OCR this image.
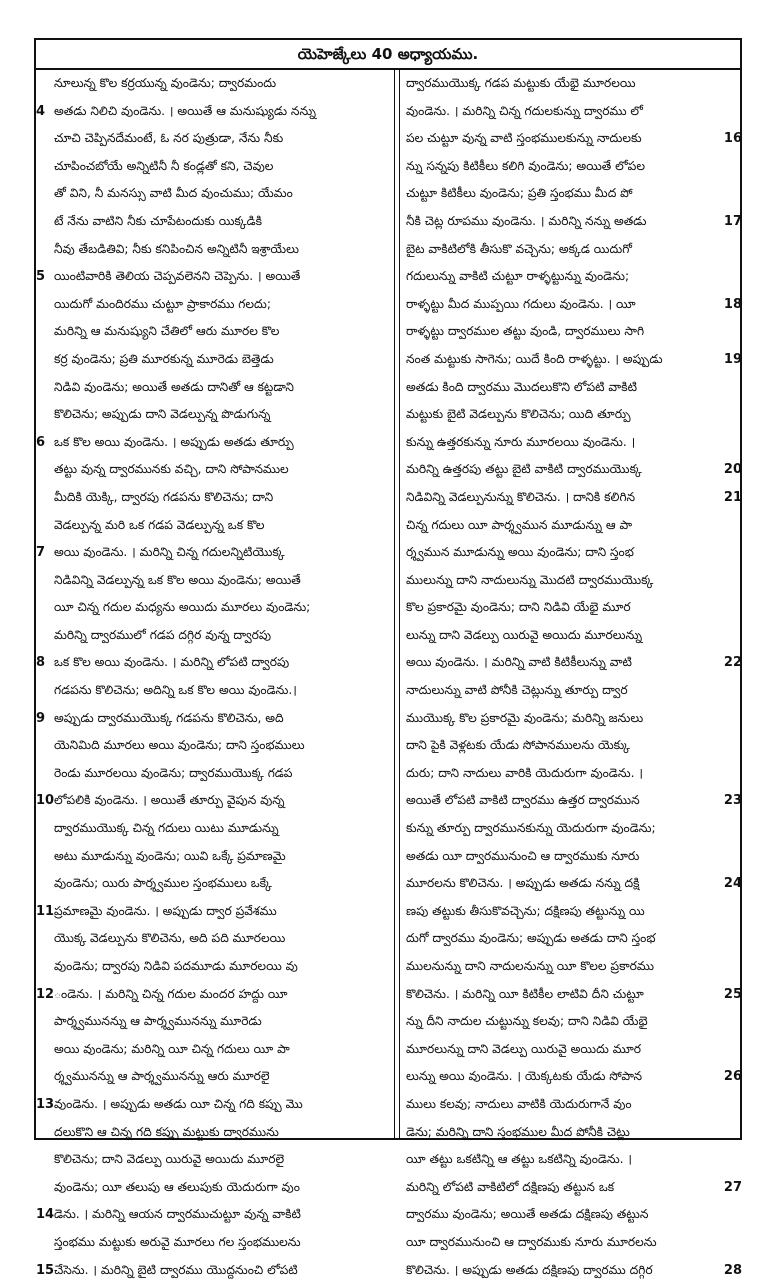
యెహెజ్కేలు 40 అధ్యాయము.
నూలున్న కొల కర్రయున్న వుండెను; ద్వారమందు
4 అతడు నిలిచి వుండెను. । అయితే ఆ మనుష్యుడు నన్ను
చూచి చెప్పినదేమంటే, ఓ నర పుత్రుడా, నేను నీకు
చూపించబోయే అన్నిటినీ నీ కండ్లతో కని, చెవుల
తో విని, నీ మనస్సు వాటి మీద వుంచుము; యేమం
టే నేను వాటిని నీకు చూపేటందుకు యిక్కడికి
నీవు తేబడితివి; నీకు కనిపించిన అన్నిటినీ ఇశ్రాయేలు
5 యింటివారికి తెలియ చెప్పవలెనని చెప్పెను. । అయితే
యిదుగో మందిరము చుట్టూ ప్రాకారము గలదు;
మరిన్ని ఆ మనుష్యుని చేతిలో ఆరు మూరల కొల
కర్ర వుండెను; ప్రతి మూరకున్న మూరెడు బెత్తెడు
నిడివి వుండెను; అయితే అతడు దానితో ఆ కట్టడాని
కొలిచెను; అప్పుడు దాని వెడల్పున్న పొడుగున్న
6 ఒక కొల అయి వుండెను. । అప్పుడు అతడు తూర్పు
తట్టు వున్న ద్వారమునకు వచ్చి, దాని సోపానముల
మీదికి యెక్కి, ద్వారపు గడపను కొలిచెను; దాని
వెడల్పున్న మరి ఒక గడప వెడల్పున్న ఒక కొల
7 అయి వుండెను. । మరిన్ని చిన్న గదులన్నిటియొక్క
నిడివిన్ని వెడల్పున్న ఒక కొల అయి వుండెను; అయితే
యీ చిన్న గదుల మధ్యను అయిదు మూరలు వుండెను;
మరిన్ని ద్వారములో గడప దగ్గిర వున్న ద్వారపు
8 ఒక కొల అయి వుండెను. । మరిన్ని లోపటి ద్వారపు
గడపను కొలిచెను; అదిన్ని ఒక కొల అయి వుండెను.।
9 అప్పుడు ద్వారముయొక్క గడపను కొలిచెను, అది
యెనిమిది మూరలు అయి వుండెను; దాని స్తంభములు
రెండు మూరలయి వుండెను; ద్వారముయొక్క గడప
10 లోపలికి వుండెను. । అయితే తూర్పు వైపున వున్న
ద్వారముయొక్క చిన్న గదులు యిటు మూడున్ను
అటు మూడున్ను వుండెను; యివి ఒక్కే ప్రమాణమై
వుండెను; యిరు పార్శ్వముల స్తంభములు ఒక్కే
11 ప్రమాణమై వుండెను. । అప్పుడు ద్వార ప్రవేశము
యొక్క వెడల్పును కొలిచెను, అది పది మూరలయి
వుండెను; ద్వారపు నిడివి పదమూడు మూరలయి వు
12 ండెను. । మరిన్ని చిన్న గదుల మందర హద్దు యీ
పార్శ్వమునన్ను ఆ పార్శ్వమునన్ను మూరెడు
అయి వుండెను; మరిన్ని యీ చిన్న గదులు యీ పా
ర్శ్వమునన్ను ఆ పార్శ్వమునన్ను ఆరు మూరలై
13 వుండెను. । అప్పుడు అతడు యీ చిన్న గది కప్పు మొ
దలుకొని ఆ చిన్న గది కప్పు మట్టుకు ద్వారమును
కొలిచెను; దాని వెడల్పు యిరువై అయిదు మూరలై
వుండెను; యీ తలుపు ఆ తలుపుకు యెదురుగా వుం
14 డెను. । మరిన్ని ఆయన ద్వారముచుట్టూ వున్న వాకిటి
స్తంభము మట్టుకు అరువై మూరలు గల స్తంభములను
15 చేసెను. । మరిన్ని బైటి ద్వారము యొద్దనుంచి లోపటి
ద్వారముయొక్క గడప మట్టుకు యేభై మూరలయి
వుండెను. । మరిన్ని చిన్న గదులకున్ను ద్వారము లో
16
పల చుట్టూ వున్న వాటి స్తంభములకున్ను నాదులకు
న్ను సన్నపు కిటికీలు కలిగి వుండెను; అయితే లోపల
చుట్టూ కిటికీలు వుండెను; ప్రతి స్తంభము మీద పో
17
నీకి చెట్ల రూపము వుండెను. । మరిన్ని నన్ను అతడు
బైట వాకిటిలోకి తీసుకొ వచ్చెను; అక్కడ యిదుగో
గదులున్ను వాకిటి చుట్టూ రాళ్ళట్టున్ను వుండెను;
18
రాళ్ళట్టు మీద ముప్పయి గదులు వుండెను. । యీ
రాళ్ళట్టు ద్వారముల తట్టు వుండి, ద్వారములు సాగి
19
నంత మట్టుకు సాగెను; యిదే కింది రాళ్ళట్టు. । అప్పుడు
అతడు కింది ద్వారము మొదలుకొని లోపటి వాకిటి
మట్టుకు బైటి వెడల్పును కొలిచెను; యిది తూర్పు
కున్ను ఉత్తరకున్ను నూరు మూరలయి వుండెను. ।
20
మరిన్ని ఉత్తరపు తట్టు బైటి వాకిటి ద్వారముయొక్క
21
నిడివిన్ని వెడల్పునున్ను కొలిచెను. । దానికి కలిగిన
చిన్న గదులు యీ పార్శ్వమున మూడున్ను ఆ పా
ర్శ్వమున మూడున్ను అయి వుండెను; దాని స్తంభ
ములున్ను దాని నాదులున్ను మొదటి ద్వారముయొక్క
కొల ప్రకారమై వుండెను; దాని నిడివి యేభై మూర
లున్ను దాని వెడల్పు యిరువై అయిదు మూరలున్ను
22
అయి వుండెను. । మరిన్ని వాటి కిటికీలున్ను వాటి
నాదులున్ను వాటి పోనీకి చెట్లున్ను తూర్పు ద్వార
ముయొక్క కొల ప్రకారమై వుండెను; మరిన్ని జనులు
దాని పైకి వెళ్లటకు యేడు సోపానములను యెక్కు
దురు; దాని నాదులు వారికి యెదురుగా వుండెను. ।
23
అయితే లోపటి వాకిటి ద్వారము ఉత్తర ద్వారమున
కున్ను తూర్పు ద్వారమునకున్ను యెదురుగా వుండెను;
అతడు యీ ద్వారమునుంచి ఆ ద్వారముకు నూరు
24
మూరలను కొలిచెను. । అప్పుడు అతడు నన్ను దక్షి
ణపు తట్టుకు తీసుకొవచ్చెను; దక్షిణపు తట్టున్ను యి
దుగో ద్వారము వుండెను; అప్పుడు అతడు దాని స్తంభ
ములనున్ను దాని నాదులనున్ను యీ కొలల ప్రకారము
25
కొలిచెను. । మరిన్ని యీ కిటికీల లాటివి దీని చుట్టూ
న్ను దీని నాదుల చుట్టున్ను కలవు; దాని నిడివి యేభై
మూరలున్ను దాని వెడల్పు యిరువై అయిదు మూర
26
లున్ను అయి వుండెను. । యెక్కటకు యేడు సోపాన
ములు కలవు; నాదులు వాటికి యెదురుగానే వుం
డెను; మరిన్ని దాని స్తంభముల మీద పోనీకి చెట్లు
యీ తట్టు ఒకటిన్ని ఆ తట్టు ఒకటిన్ని వుండెను. ।
27
మరిన్ని లోపటి వాకిటిలో దక్షిణపు తట్టున ఒక
ద్వారము వుండెను; అయితే అతడు దక్షిణపు తట్టున
యీ ద్వారమునుంచి ఆ ద్వారముకు నూరు మూరలను
28
కొలిచెను. । అప్పుడు అతడు దక్షిణపు ద్వారము దగ్గిర
